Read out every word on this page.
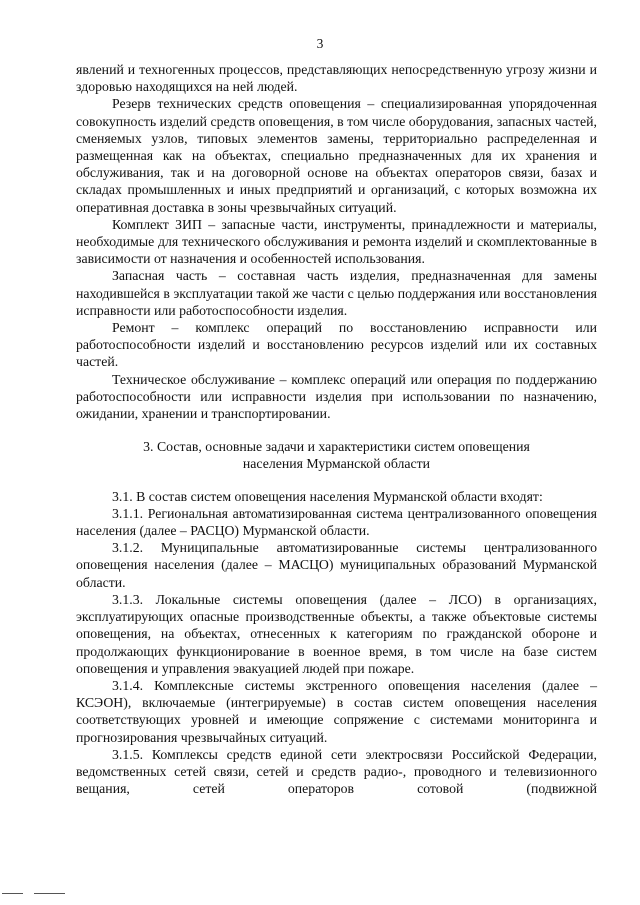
3

явлений и техногенных процессов, представляющих непосредственную угрозу жизни и здоровью находящихся на ней людей.

Резерв технических средств оповещения – специализированная упорядоченная совокупность изделий средств оповещения, в том числе оборудования, запасных частей, сменяемых узлов, типовых элементов замены, территориально распределенная и размещенная как на объектах, специально предназначенных для их хранения и обслуживания, так и на договорной основе на объектах операторов связи, базах и складах промышленных и иных предприятий и организаций, с которых возможна их оперативная доставка в зоны чрезвычайных ситуаций.

Комплект ЗИП – запасные части, инструменты, принадлежности и материалы, необходимые для технического обслуживания и ремонта изделий и скомплектованные в зависимости от назначения и особенностей использования.

Запасная часть – составная часть изделия, предназначенная для замены находившейся в эксплуатации такой же части с целью поддержания или восстановления исправности или работоспособности изделия.

Ремонт – комплекс операций по восстановлению исправности или работоспособности изделий и восстановлению ресурсов изделий или их составных частей.

Техническое обслуживание – комплекс операций или операция по поддержанию работоспособности или исправности изделия при использовании по назначению, ожидании, хранении и транспортировании.

3. Состав, основные задачи и характеристики систем оповещения населения Мурманской области

3.1. В состав систем оповещения населения Мурманской области входят:

3.1.1. Региональная автоматизированная система централизованного оповещения населения (далее – РАСЦО) Мурманской области.

3.1.2. Муниципальные автоматизированные системы централизованного оповещения населения (далее – МАСЦО) муниципальных образований Мурманской области.

3.1.3. Локальные системы оповещения (далее – ЛСО) в организациях, эксплуатирующих опасные производственные объекты, а также объектовые системы оповещения, на объектах, отнесенных к категориям по гражданской обороне и продолжающих функционирование в военное время, в том числе на базе систем оповещения и управления эвакуацией людей при пожаре.

3.1.4. Комплексные системы экстренного оповещения населения (далее – КСЭОН), включаемые (интегрируемые) в состав систем оповещения населения соответствующих уровней и имеющие сопряжение с системами мониторинга и прогнозирования чрезвычайных ситуаций.

3.1.5. Комплексы средств единой сети электросвязи Российской Федерации, ведомственных сетей связи, сетей и средств радио-, проводного и телевизионного вещания, сетей операторов сотовой (подвижной
